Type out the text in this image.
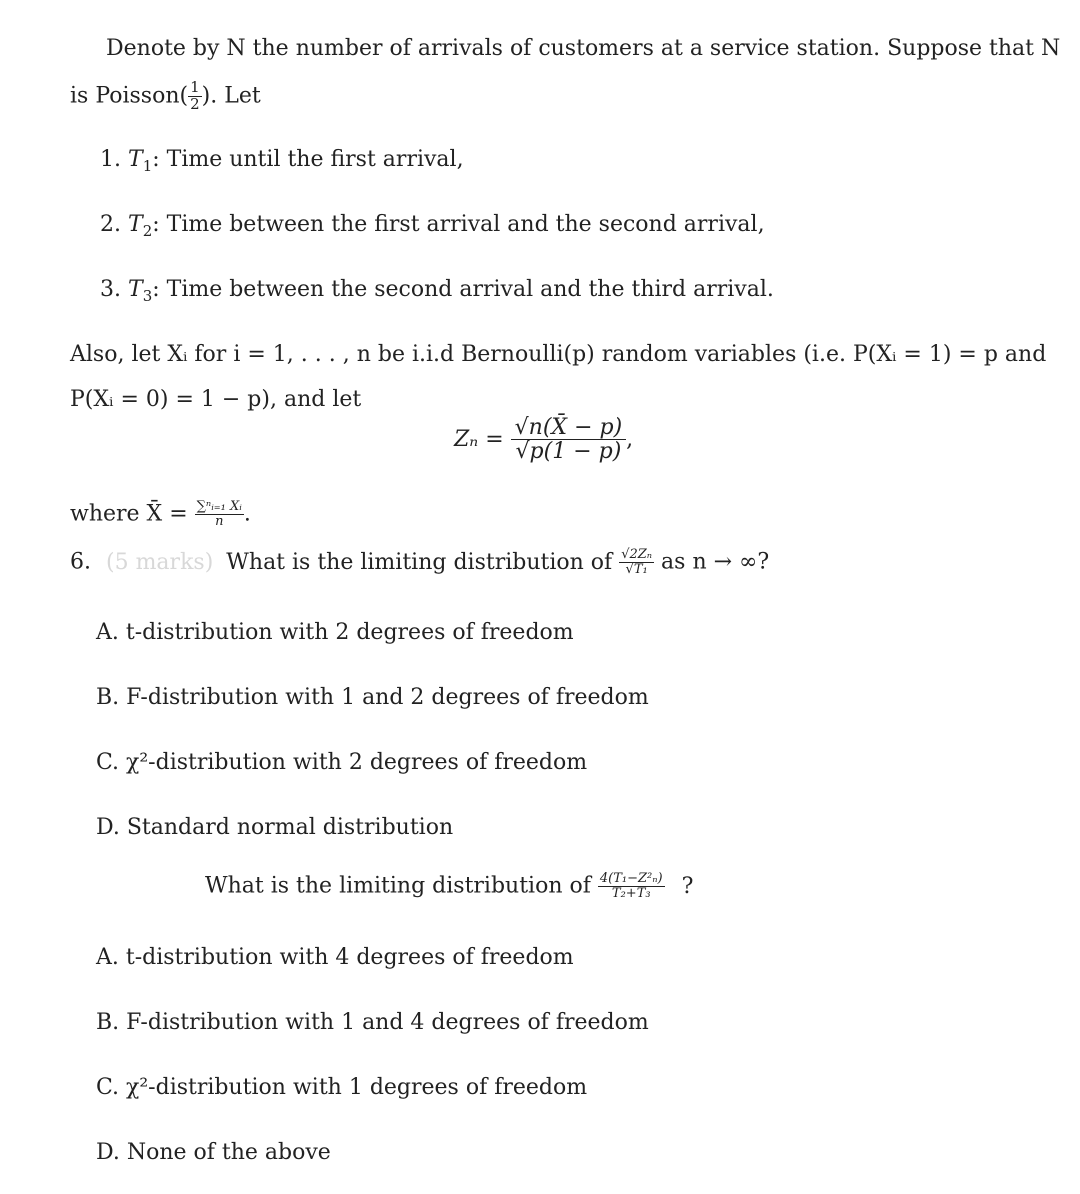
Denote by N the number of arrivals of customers at a service station. Suppose that N
is Poisson( $\frac{1}{2}$ ). Let
1. $T_1$: Time until the first arrival,
2. $T_2$: Time between the first arrival and the second arrival,
3. $T_3$: Time between the second arrival and the third arrival.
Also, let Xᵢ for i = 1, . . . , n be i.i.d Bernoulli(p) random variables (i.e. P(Xᵢ = 1) = p and
P(Xᵢ = 0) = 1 − p), and let
$Z_n = \frac{√n(X̄ - p)}{√p(1 - p)}$ ,
where X̄ = $\frac{\text{∑ⁿᵢ₌₁ Xᵢ}}{n}$ .
6. (5 marks) What is the limiting distribution of $\frac{\text{√2Zₙ}}{\text{√T₁}}$ as n → ∞?
A. t-distribution with 2 degrees of freedom
B. F-distribution with 1 and 2 degrees of freedom
C. χ²-distribution with 2 degrees of freedom
D. Standard normal distribution
What is the limiting distribution of $\frac{\text{4(T₁−Z²ₙ)}}{\text{T₂+T₃}}$ ?
A. t-distribution with 4 degrees of freedom
B. F-distribution with 1 and 4 degrees of freedom
C. χ²-distribution with 1 degrees of freedom
D. None of the above
